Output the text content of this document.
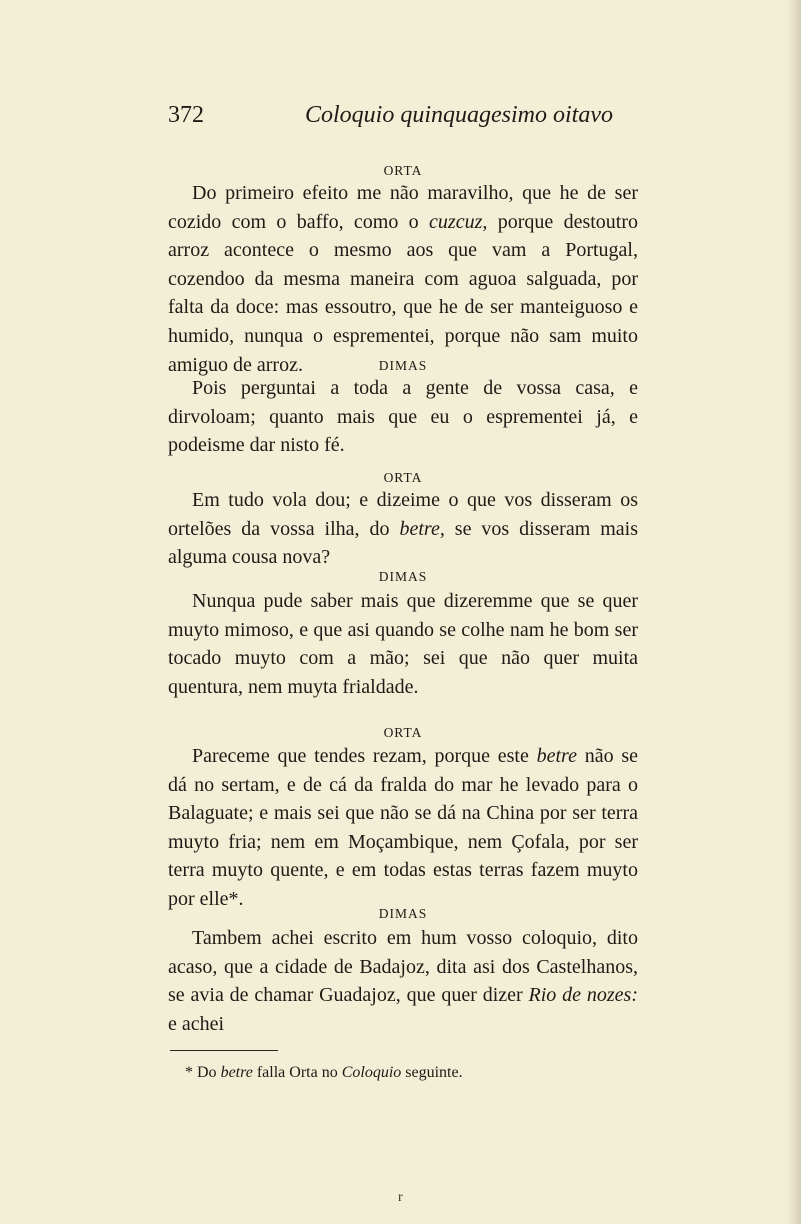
372	Coloquio quinquagesimo oitavo
ORTA

Do primeiro efeito me não maravilho, que he de ser cozido com o baffo, como o cuzcuz, porque destoutro arroz acontece o mesmo aos que vam a Portugal, cozendoo da mesma maneira com aguoa salguada, por falta da doce: mas essoutro, que he de ser manteiguoso e humido, nunqua o esprementei, porque não sam muito amiguo de arroz.	DIMAS

Pois perguntai a toda a gente de vossa casa, e dirvoloam; quanto mais que eu o esprementei já, e podeisme dar nisto fé.

ORTA

Em tudo vola dou; e dizeime o que vos disseram os ortelões da vossa ilha, do betre, se vos disseram mais alguma cousa nova?

DIMAS

Nunqua pude saber mais que dizeremme que se quer muyto mimoso, e que asi quando se colhe nam he bom ser tocado muyto com a mão; sei que não quer muita quentura, nem muyta frialdade.

ORTA

Pareceme que tendes rezam, porque este betre não se dá no sertam, e de cá da fralda do mar he levado para o Balaguate; e mais sei que não se dá na China por ser terra muyto fria; nem em Moçambique, nem Çofala, por ser terra muyto quente, e em todas estas terras fazem muyto por elle*.

DIMAS

Tambem achei escrito em hum vosso coloquio, dito acaso, que a cidade de Badajoz, dita asi dos Castelhanos, se avia de chamar Guadajoz, que quer dizer Rio de nozes: e achei

* Do betre falla Orta no Coloquio seguinte.
r
